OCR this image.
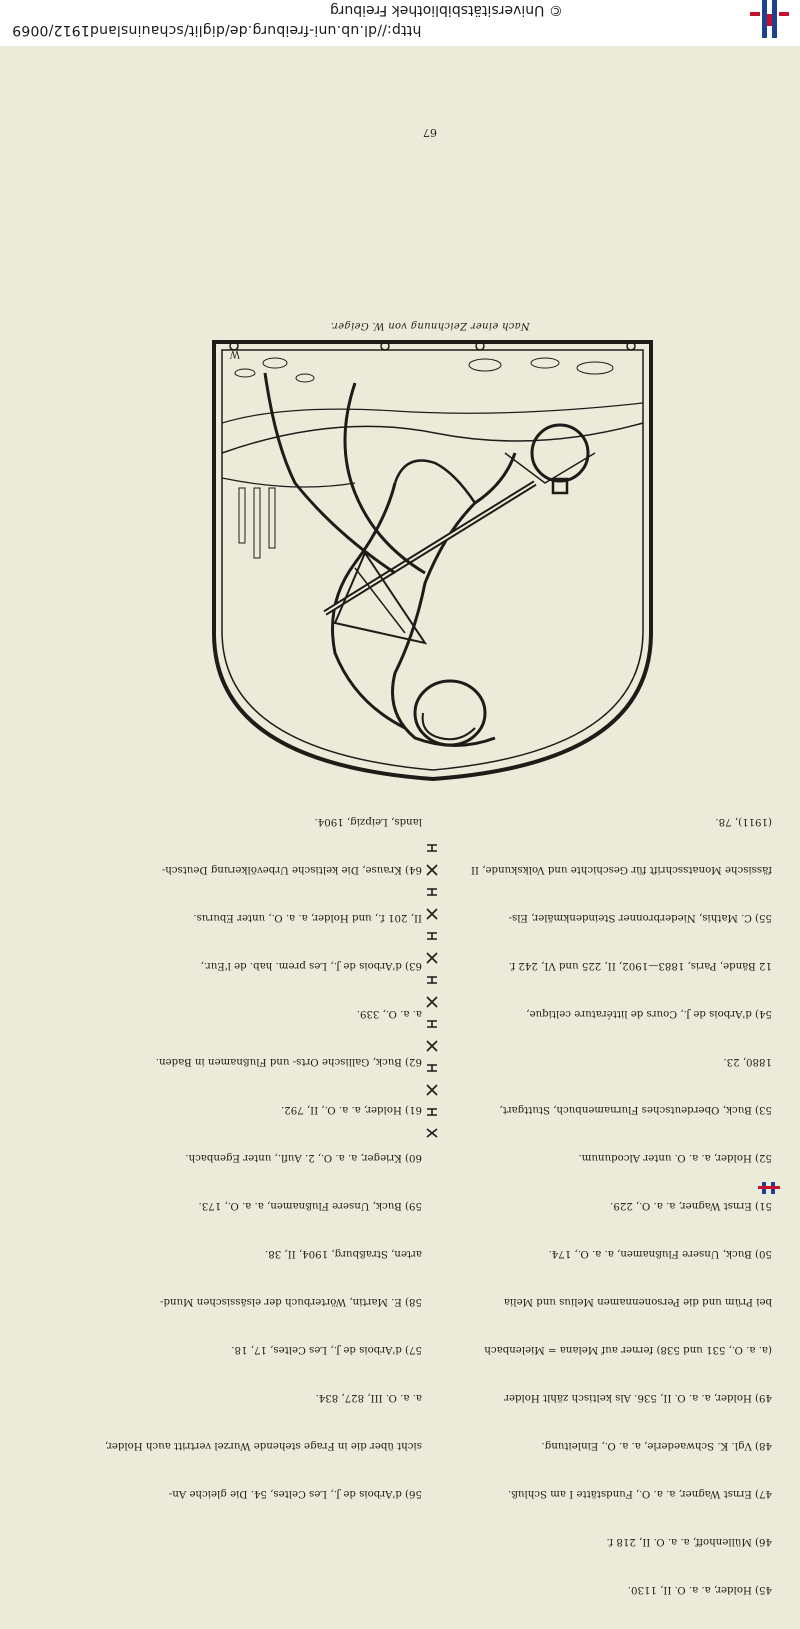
http://dl.ub.uni-freiburg.de/diglit/schauinsland1912/0069
© Universitätsbibliothek Freiburg
67
W
Nach einer Zeichnung von W. Geiger.

45) Holder, a. a. O. II, 1130.

46) Müllenhoff, a. a. O. II, 218 f.

47) Ernst Wagner, a. a. O., Fundstätte I am Schluß.

48) Vgl. K. Schwaederle, a. a. O., Einleitung.

49) Holder, a. a. O. II, 536. Als keltisch zählt Holder

(a. a. O., 531 und 538) ferner auf Melana = Mielenbach

bei Prüm und die Personennamen Melius und Melia

50) Buck, Unsere Flußnamen, a. a. O., 174.

51) Ernst Wagner, a. a. O., 229.

52) Holder, a. a. O. unter Alcodunum.

53) Buck, Oberdeutsches Flurnamenbuch, Stuttgart,

1880, 23.

54) d'Arbois de J., Cours de littérature celtique,

12 Bände, Paris, 1883—1902, II, 225 und VI, 242 f.

55) C. Mathis, Niederbronner Steindenkmäler, Els-

fässische Monatsschrift für Geschichte und Volkskunde, II

(1911), 78.

56) d'Arbois de J., Les Celtes, 54. Die gleiche An-

sicht über die in Frage stehende Wurzel vertritt auch Holder,

a. a. O. III, 827, 834.

57) d'Arbois de J., Les Celtes, 17, 18.

58) E. Martin, Wörterbuch der elsässischen Mund-

arten, Straßburg, 1904, II, 38.

59) Buck, Unsere Flußnamen, a. a. O., 173.

60) Krieger, a. a. O., 2. Aufl., unter Egenbach.

61) Holder, a. a. O., II, 792.

62) Buck, Gallische Orts- und Flußnamen in Baden.

a. a. O., 339.

63) d'Arbois de J., Les prem. hab. de l'Eur.,

II, 201 f., und Holder, a. a. O., unter Eburus.

64) Krause, Die keltische Urbevölkerung Deutsch-

lands, Leipzig, 1904.
